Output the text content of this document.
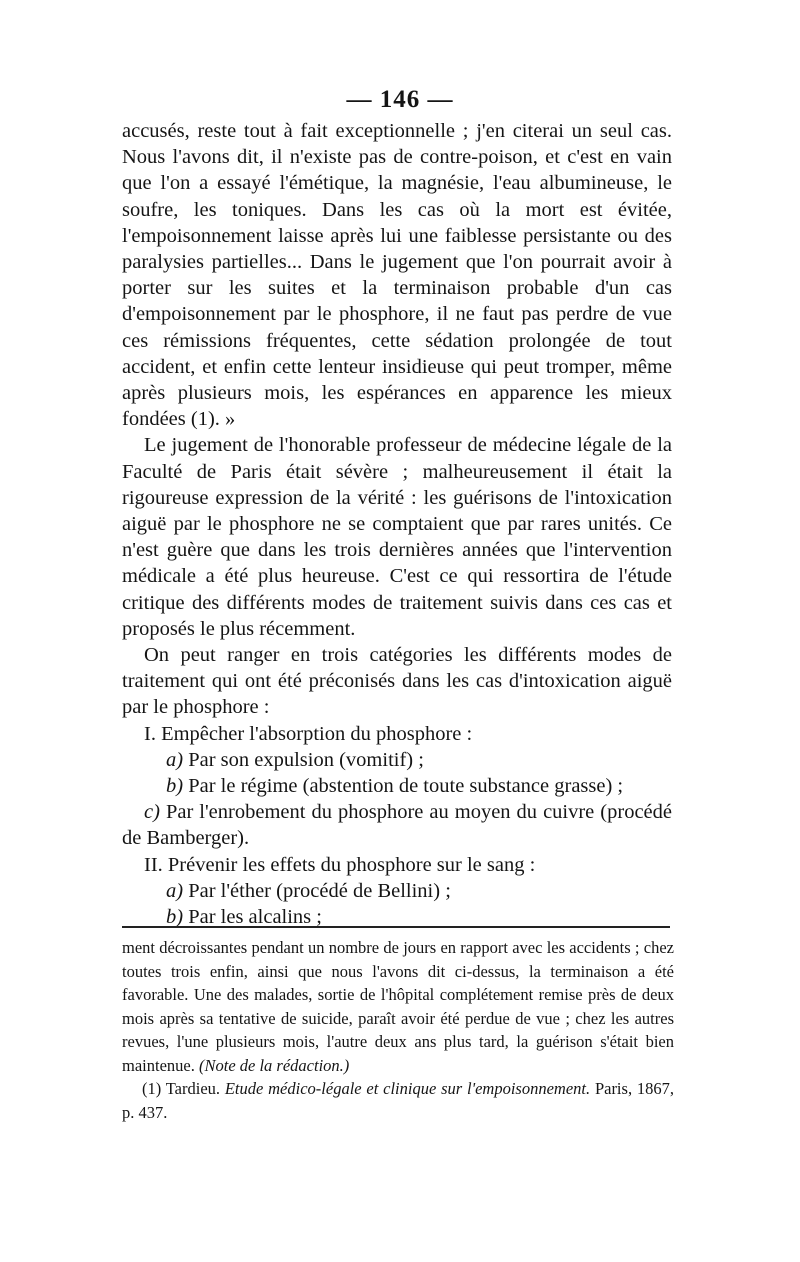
— 146 —

accusés, reste tout à fait exceptionnelle ; j'en citerai un seul cas. Nous l'avons dit, il n'existe pas de contre-poison, et c'est en vain que l'on a essayé l'émétique, la magnésie, l'eau albumineuse, le soufre, les toniques. Dans les cas où la mort est évitée, l'empoisonnement laisse après lui une faiblesse persistante ou des paralysies partielles... Dans le jugement que l'on pourrait avoir à porter sur les suites et la terminaison probable d'un cas d'empoisonnement par le phosphore, il ne faut pas perdre de vue ces rémissions fréquentes, cette sédation prolongée de tout accident, et enfin cette lenteur insidieuse qui peut tromper, même après plusieurs mois, les espérances en apparence les mieux fondées (1). »

Le jugement de l'honorable professeur de médecine légale de la Faculté de Paris était sévère ; malheureusement il était la rigoureuse expression de la vérité : les guérisons de l'intoxication aiguë par le phosphore ne se comptaient que par rares unités. Ce n'est guère que dans les trois dernières années que l'intervention médicale a été plus heureuse. C'est ce qui ressortira de l'étude critique des différents modes de traitement suivis dans ces cas et proposés le plus récemment.

On peut ranger en trois catégories les différents modes de traitement qui ont été préconisés dans les cas d'intoxication aiguë par le phosphore :

I. Empêcher l'absorption du phosphore :

a) Par son expulsion (vomitif) ;

b) Par le régime (abstention de toute substance grasse) ;

c) Par l'enrobement du phosphore au moyen du cuivre (procédé de Bamberger).

II. Prévenir les effets du phosphore sur le sang :

a) Par l'éther (procédé de Bellini) ;

b) Par les alcalins ;

ment décroissantes pendant un nombre de jours en rapport avec les accidents ; chez toutes trois enfin, ainsi que nous l'avons dit ci-dessus, la terminaison a été favorable. Une des malades, sortie de l'hôpital complétement remise près de deux mois après sa tentative de suicide, paraît avoir été perdue de vue ; chez les autres revues, l'une plusieurs mois, l'autre deux ans plus tard, la guérison s'était bien maintenue. (Note de la rédaction.)

(1) Tardieu. Etude médico-légale et clinique sur l'empoisonnement. Paris, 1867, p. 437.
